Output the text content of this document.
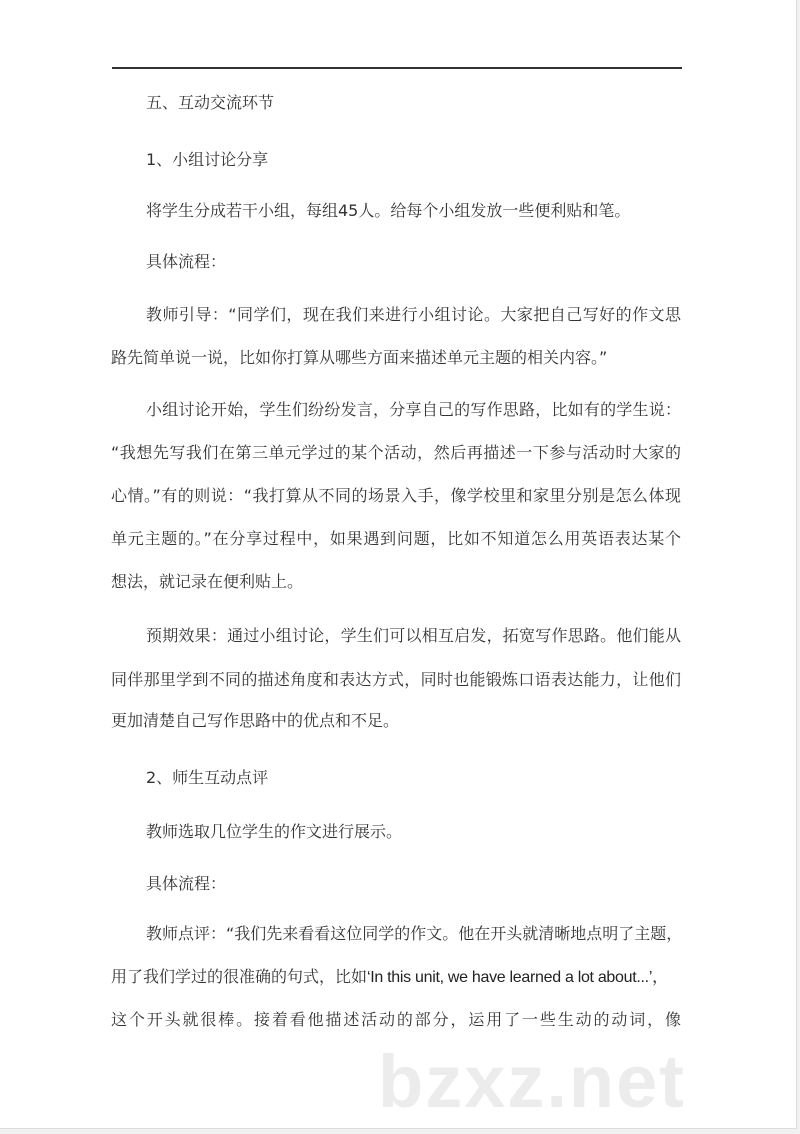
五、互动交流环节
1、小组讨论分享
将学生分成若干小组，每组45人。给每个小组发放一些便利贴和笔。
具体流程：
教师引导：“同学们，现在我们来进行小组讨论。大家把自己写好的作文思
路先简单说一说，比如你打算从哪些方面来描述单元主题的相关内容。”
小组讨论开始，学生们纷纷发言，分享自己的写作思路，比如有的学生说：
“我想先写我们在第三单元学过的某个活动，然后再描述一下参与活动时大家的
心情。”有的则说：“我打算从不同的场景入手，像学校里和家里分别是怎么体现
单元主题的。”在分享过程中，如果遇到问题，比如不知道怎么用英语表达某个
想法，就记录在便利贴上。
预期效果：通过小组讨论，学生们可以相互启发，拓宽写作思路。他们能从
同伴那里学到不同的描述角度和表达方式，同时也能锻炼口语表达能力，让他们
更加清楚自己写作思路中的优点和不足。
2、师生互动点评
教师选取几位学生的作文进行展示。
具体流程：
教师点评：“我们先来看看这位同学的作文。他在开头就清晰地点明了主题，
用了我们学过的很准确的句式，比如‘In this unit, we have learned a lot about...’，
这个开头就很棒。接着看他描述活动的部分，运用了一些生动的动词，像
bzxz.net
